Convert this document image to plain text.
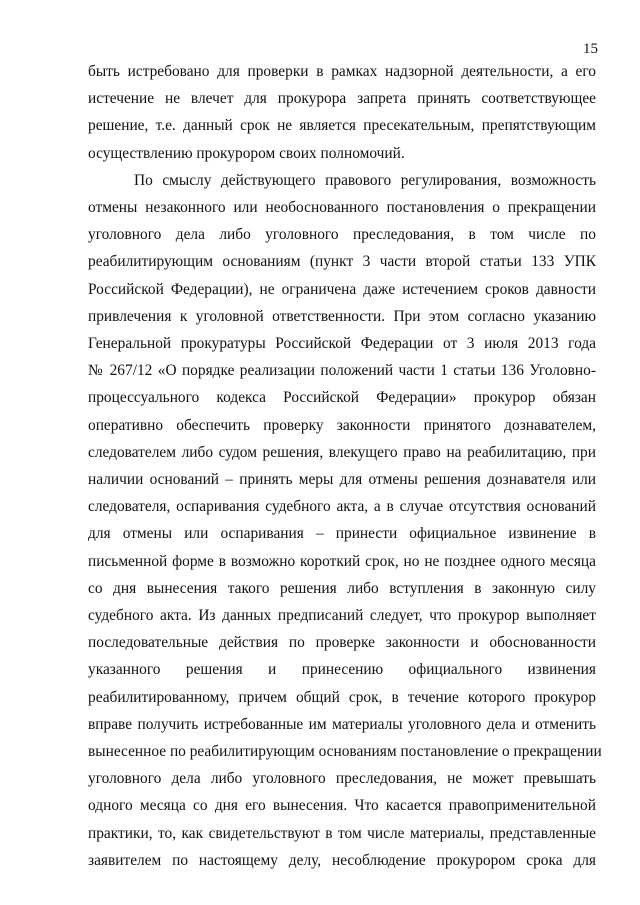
15

быть истребовано для проверки в рамках надзорной деятельности, а его
истечение не влечет для прокурора запрета принять соответствующее
решение, т.е. данный срок не является пресекательным, препятствующим
осуществлению прокурором своих полномочий.

По смыслу действующего правового регулирования, возможность
отмены незаконного или необоснованного постановления о прекращении
уголовного дела либо уголовного преследования, в том числе по
реабилитирующим основаниям (пункт 3 части второй статьи 133 УПК
Российской Федерации), не ограничена даже истечением сроков давности
привлечения к уголовной ответственности. При этом согласно указанию
Генеральной прокуратуры Российской Федерации от 3 июля 2013 года
№ 267/12 «О порядке реализации положений части 1 статьи 136 Уголовно-
процессуального кодекса Российской Федерации» прокурор обязан
оперативно обеспечить проверку законности принятого дознавателем,
следователем либо судом решения, влекущего право на реабилитацию, при
наличии оснований – принять меры для отмены решения дознавателя или
следователя, оспаривания судебного акта, а в случае отсутствия оснований
для отмены или оспаривания – принести официальное извинение в
письменной форме в возможно короткий срок, но не позднее одного месяца
со дня вынесения такого решения либо вступления в законную силу
судебного акта. Из данных предписаний следует, что прокурор выполняет
последовательные действия по проверке законности и обоснованности
указанного решения и принесению официального извинения
реабилитированному, причем общий срок, в течение которого прокурор
вправе получить истребованные им материалы уголовного дела и отменить
вынесенное по реабилитирующим основаниям постановление о прекращении
уголовного дела либо уголовного преследования, не может превышать
одного месяца со дня его вынесения. Что касается правоприменительной
практики, то, как свидетельствуют в том числе материалы, представленные
заявителем по настоящему делу, несоблюдение прокурором срока для
